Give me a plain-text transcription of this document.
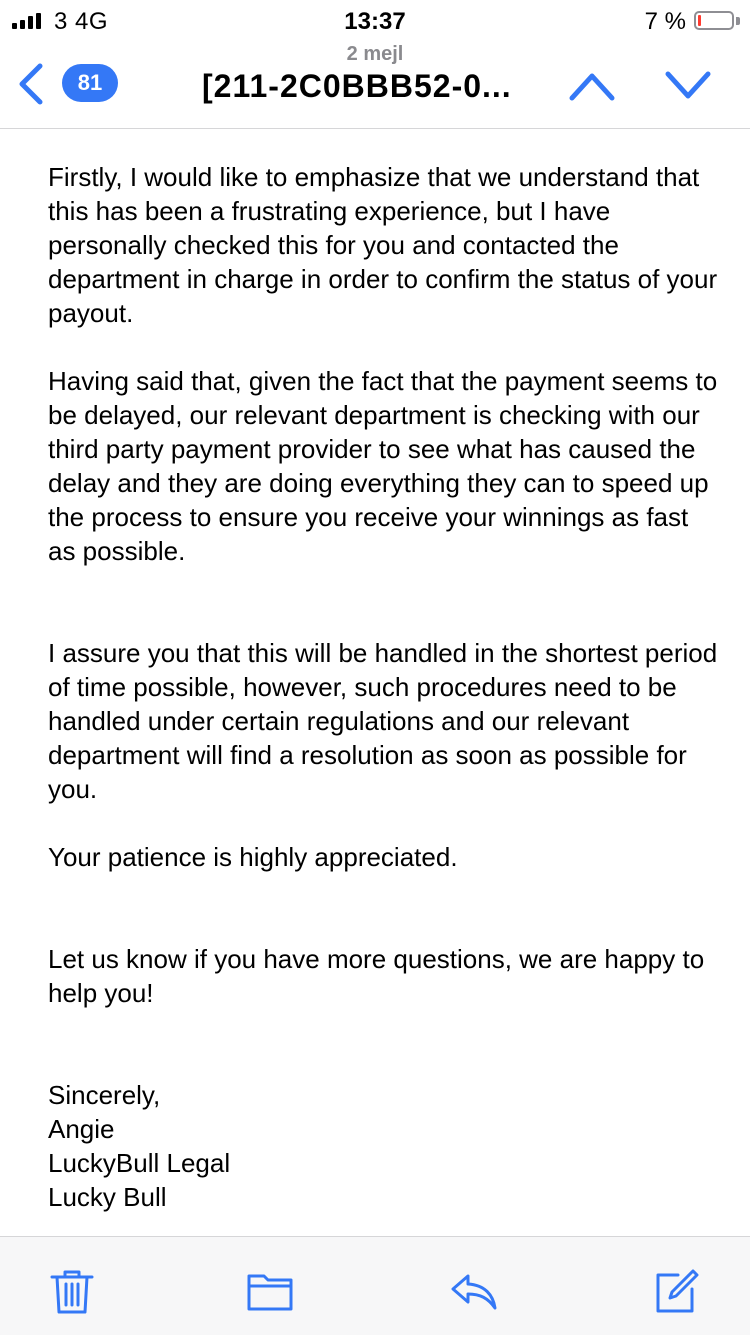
3 4G	13:37	7 %
2 mejl
81	[211-2C0BBB52-0...

Firstly, I would like to emphasize that we understand that this has been a frustrating experience, but I have personally checked this for you and contacted the department in charge in order to confirm the status of your payout.

Having said that, given the fact that the payment seems to be delayed, our relevant department is checking with our third party payment provider to see what has caused the delay and they are doing everything they can to speed up the process to ensure you receive your winnings as fast as possible.

I assure you that this will be handled in the shortest period of time possible, however, such procedures need to be handled under certain regulations and our relevant department will find a resolution as soon as possible for you.

Your patience is highly appreciated.

Let us know if you have more questions, we are happy to help you!

Sincerely,
Angie
LuckyBull Legal
Lucky Bull
